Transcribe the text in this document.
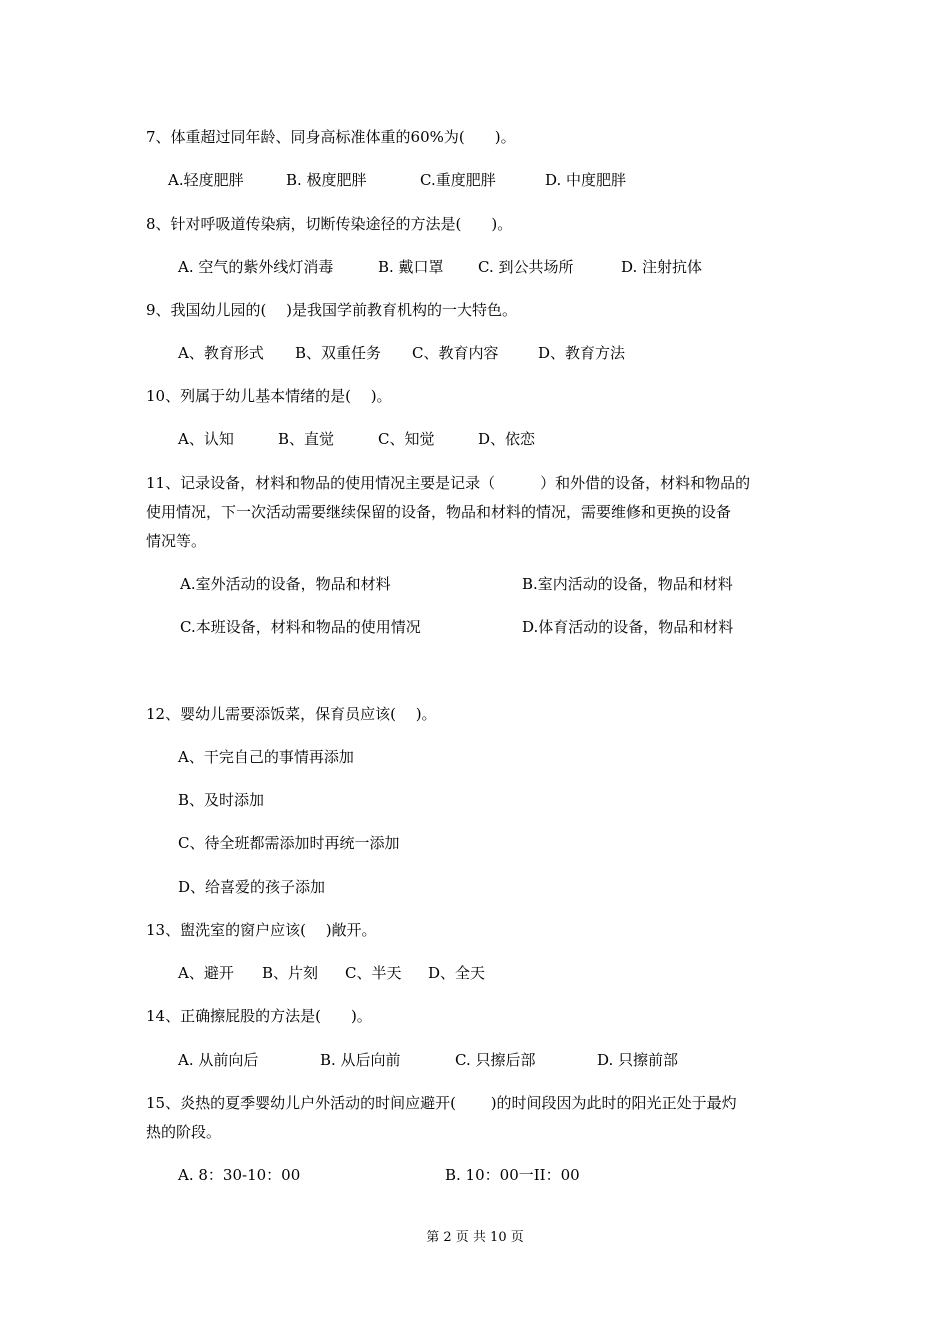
7、体重超过同年龄、同身高标准体重的60%为(　　)。
A.轻度肥胖	B. 极度肥胖	C.重度肥胖	D. 中度肥胖
8、针对呼吸道传染病，切断传染途径的方法是(　　)。
A. 空气的紫外线灯消毒	B. 戴口罩 C. 到公共场所	D. 注射抗体
9、我国幼儿园的(　 )是我国学前教育机构的一大特色。
A、教育形式 B、双重任务 C、教育内容	D、教育方法
10、列属于幼儿基本情绪的是(　 )。
A、认知	B、直觉	C、知觉	D、依恋
11、记录设备，材料和物品的使用情况主要是记录（　　　）和外借的设备，材料和物品的
使用情况，下一次活动需要继续保留的设备，物品和材料的情况，需要维修和更换的设备
情况等。
A.室外活动的设备，物品和材料	B.室内活动的设备，物品和材料
C.本班设备，材料和物品的使用情况	D.体育活动的设备，物品和材料
12、婴幼儿需要添饭菜，保育员应该(　 )。
A、干完自己的事情再添加
B、及时添加
C、待全班都需添加时再统一添加
D、给喜爱的孩子添加
13、盥洗室的窗户应该(　 )敞开。
A、避开 B、片刻 C、半天 D、全天
14、正确擦屁股的方法是(　　)。
A. 从前向后	B. 从后向前	C. 只擦后部	D. 只擦前部
15、炎热的夏季婴幼儿户外活动的时间应避开(　　 )的时间段因为此时的阳光正处于最灼
热的阶段。
A. 8：30-10：00	B. 10：00一II：00
第 2 页 共 10 页
